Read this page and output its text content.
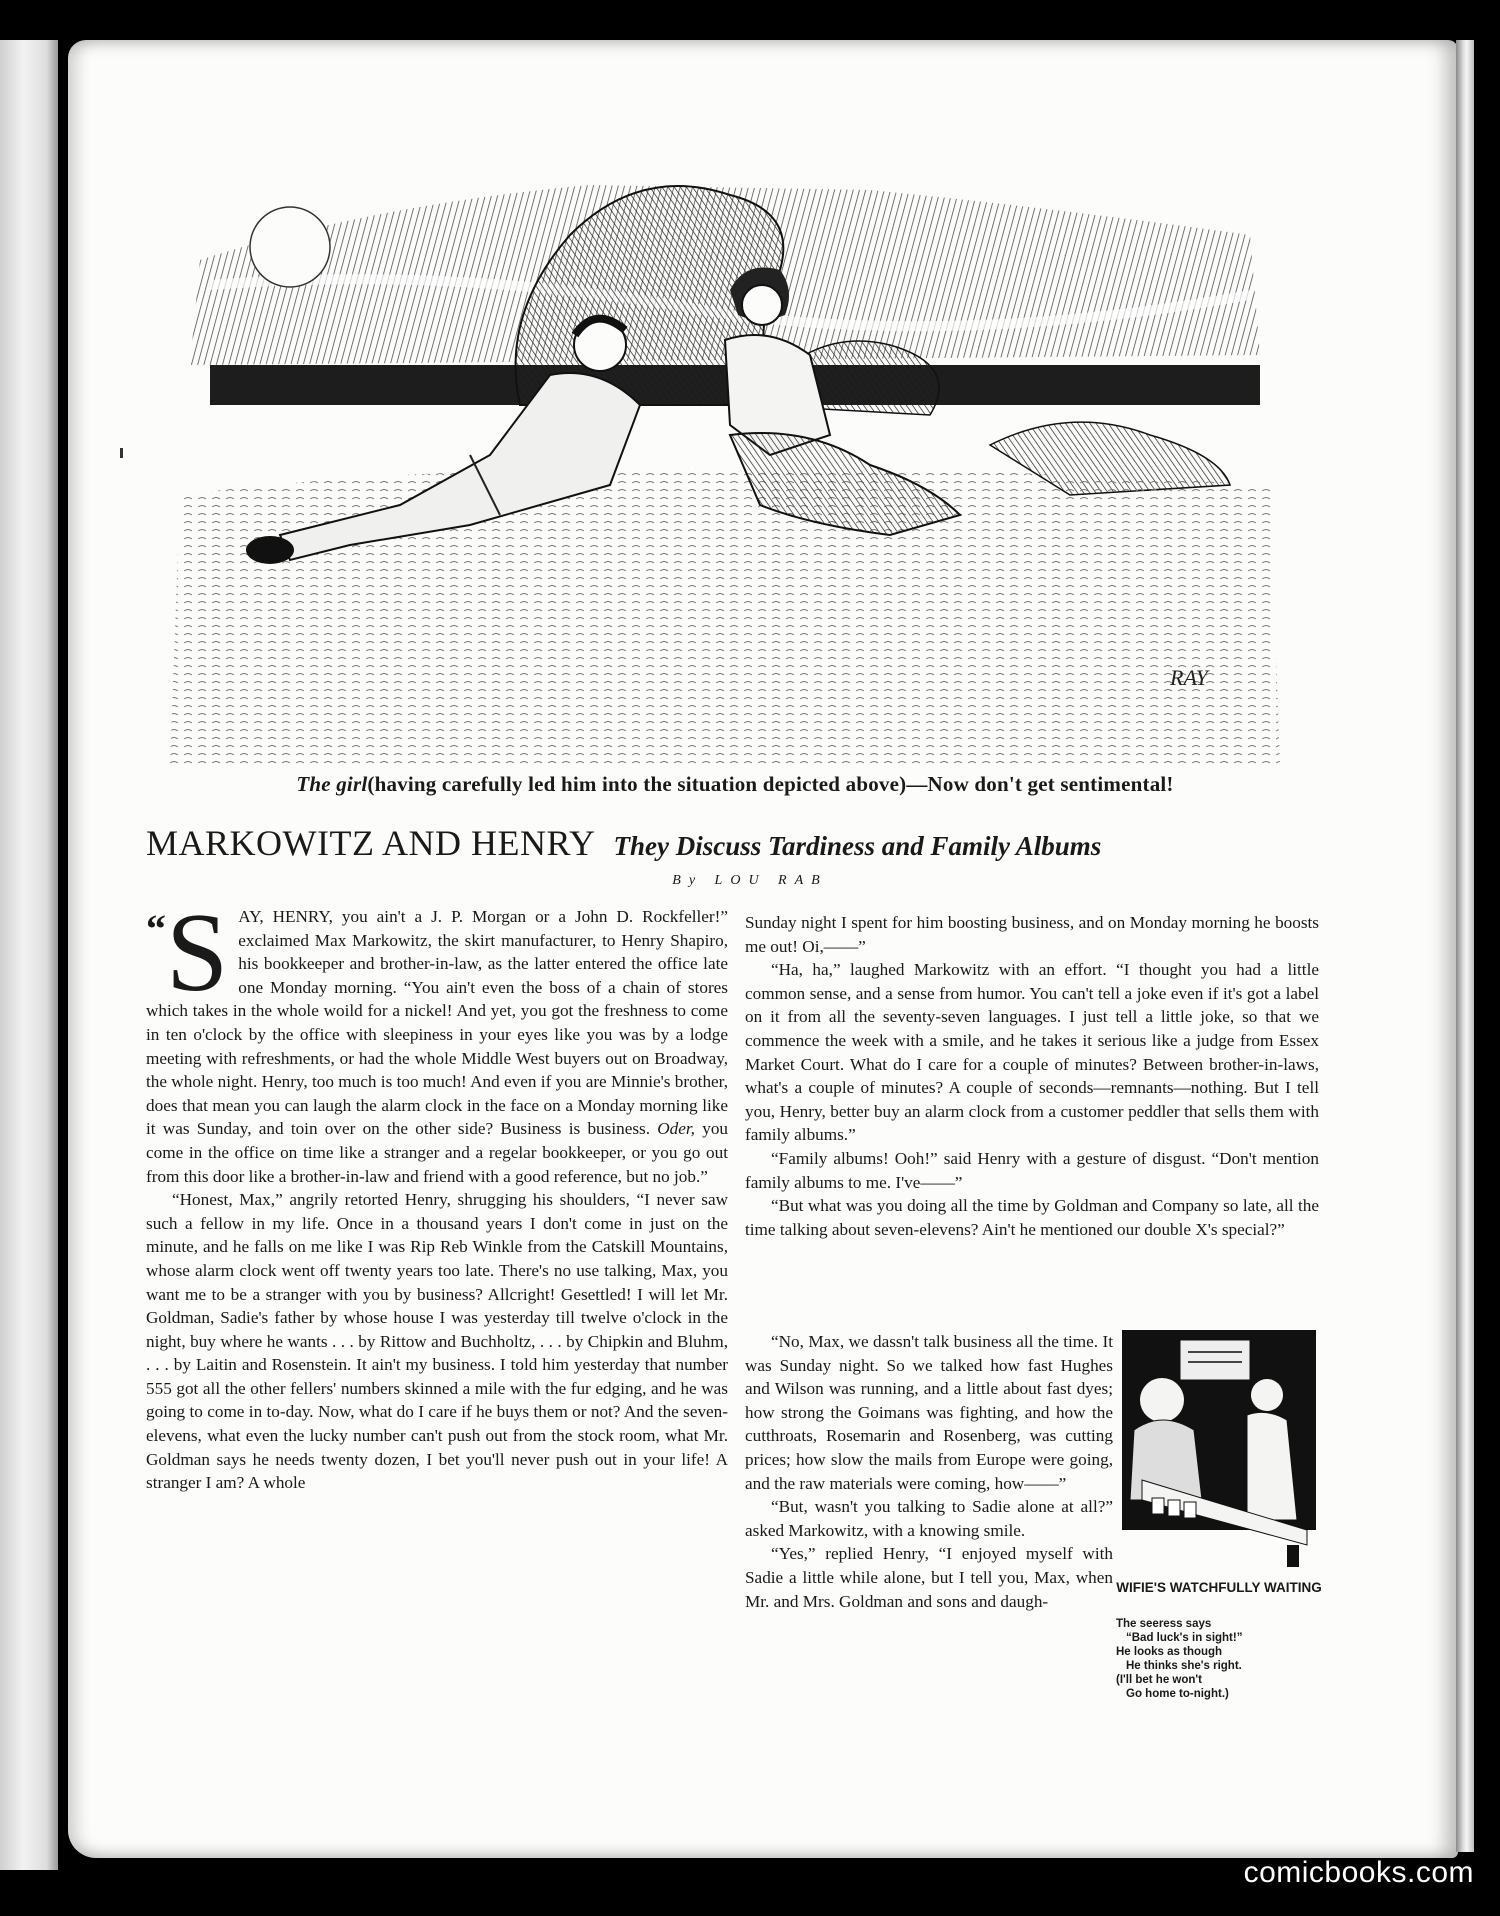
RAY
The girl(having carefully led him into the situation depicted above)—Now don't get sentimental!
MARKOWITZ AND HENRY They Discuss Tardiness and Family Albums
By LOU RAB

“ S AY, HENRY, you ain't a J. P. Morgan or a John D. Rockfeller!” exclaimed Max Markowitz, the skirt manufacturer, to Henry Shapiro, his bookkeeper and brother-in-law, as the latter entered the office late one Monday morning. “You ain't even the boss of a chain of stores which takes in the whole woild for a nickel! And yet, you got the freshness to come in ten o'clock by the office with sleepiness in your eyes like you was by a lodge meeting with refreshments, or had the whole Middle West buyers out on Broadway, the whole night. Henry, too much is too much! And even if you are Minnie's brother, does that mean you can laugh the alarm clock in the face on a Monday morning like it was Sunday, and toin over on the other side? Business is business. Oder, you come in the office on time like a stranger and a regelar bookkeeper, or you go out from this door like a brother-in-law and friend with a good reference, but no job.”

“Honest, Max,” angrily retorted Henry, shrugging his shoulders, “I never saw such a fellow in my life. Once in a thousand years I don't come in just on the minute, and he falls on me like I was Rip Reb Winkle from the Catskill Mountains, whose alarm clock went off twenty years too late. There's no use talking, Max, you want me to be a stranger with you by business? Allcright! Gesettled! I will let Mr. Goldman, Sadie's father by whose house I was yesterday till twelve o'clock in the night, buy where he wants . . . by Rittow and Buchholtz, . . . by Chipkin and Bluhm, . . . by Laitin and Rosenstein. It ain't my business. I told him yesterday that number 555 got all the other fellers' numbers skinned a mile with the fur edging, and he was going to come in to-day. Now, what do I care if he buys them or not? And the seven-elevens, what even the lucky number can't push out from the stock room, what Mr. Goldman says he needs twenty dozen, I bet you'll never push out in your life! A stranger I am? A whole

Sunday night I spent for him boosting business, and on Monday morning he boosts me out! Oi,——”

“Ha, ha,” laughed Markowitz with an effort. “I thought you had a little common sense, and a sense from humor. You can't tell a joke even if it's got a label on it from all the seventy-seven languages. I just tell a little joke, so that we commence the week with a smile, and he takes it serious like a judge from Essex Market Court. What do I care for a couple of minutes? Between brother-in-laws, what's a couple of minutes? A couple of seconds—remnants—nothing. But I tell you, Henry, better buy an alarm clock from a customer peddler that sells them with family albums.”

“Family albums! Ooh!” said Henry with a gesture of disgust. “Don't mention family albums to me. I've——”

“But what was you doing all the time by Goldman and Company so late, all the time talking about seven-elevens? Ain't he mentioned our double X's special?”

“No, Max, we dassn't talk business all the time. It was Sunday night. So we talked how fast Hughes and Wilson was running, and a little about fast dyes; how strong the Goimans was fighting, and how the cutthroats, Rosemarin and Rosenberg, was cutting prices; how slow the mails from Europe were going, and the raw materials were coming, how——”

“But, wasn't you talking to Sadie alone at all?” asked Markowitz, with a knowing smile.

“Yes,” replied Henry, “I enjoyed myself with Sadie a little while alone, but I tell you, Max, when Mr. and Mrs. Goldman and sons and daugh-

WIFIE'S WATCHFULLY WAITING
The seeress says
“Bad luck's in sight!”
He looks as though
He thinks she's right.
(I'll bet he won't
Go home to-night.)
comicbooks.com
